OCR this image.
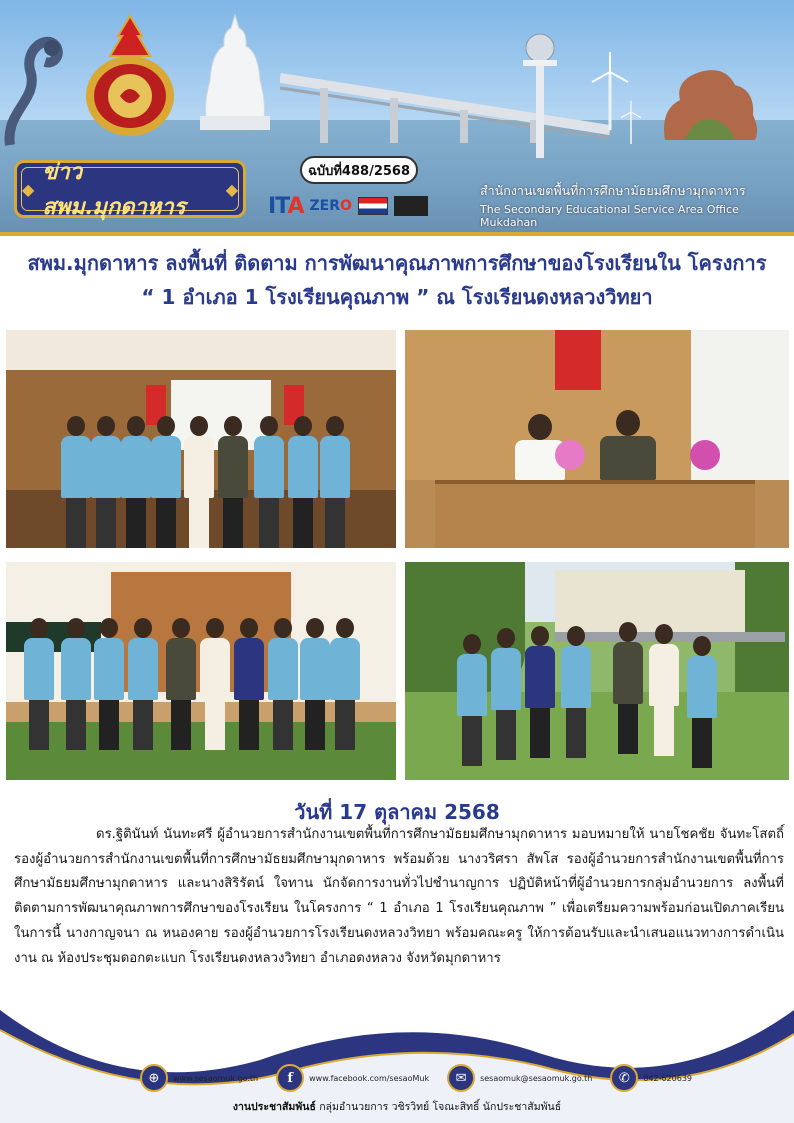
◆
ข่าว สพม.มุกดาหาร
◆
ฉบับที่488/2568
ITA ZERO
สำนักงานเขตพื้นที่การศึกษามัธยมศึกษามุกดาหาร
The Secondary Educational Service Area Office Mukdahan
สพม.มุกดาหาร ลงพื้นที่ ติดตาม การพัฒนาคุณภาพการศึกษาของโรงเรียนใน โครงการ “ 1 อำเภอ 1 โรงเรียนคุณภาพ ” ณ โรงเรียนดงหลวงวิทยา
วันที่ 17 ตุลาคม 2568

ดร.ฐิตินันท์ นันทะศรี ผู้อำนวยการสำนักงานเขตพื้นที่การศึกษามัธยมศึกษามุกดาหาร มอบหมายให้ นายโชคชัย จันทะโสตถิ์ รองผู้อำนวยการสำนักงานเขตพื้นที่การศึกษามัธยมศึกษามุกดาหาร พร้อมด้วย นางวริศรา สัพโส รองผู้อำนวยการสำนักงานเขตพื้นที่การศึกษามัธยมศึกษามุกดาหาร และนางสิริรัตน์ ใจทาน นักจัดการงานทั่วไปชำนาญการ ปฏิบัติหน้าที่ผู้อำนวยการกลุ่มอำนวยการ ลงพื้นที่ติดตามการพัฒนาคุณภาพการศึกษาของโรงเรียน ในโครงการ “ 1 อำเภอ 1 โรงเรียนคุณภาพ ” เพื่อเตรียมความพร้อมก่อนเปิดภาคเรียน ในการนี้ นางกาญจนา ณ หนองคาย รองผู้อำนวยการโรงเรียนดงหลวงวิทยา พร้อมคณะครู ให้การต้อนรับและนำเสนอแนวทางการดำเนินงาน ณ ห้องประชุมดอกตะแบก โรงเรียนดงหลวงวิทยา อำเภอดงหลวง จังหวัดมุกดาหาร

⊕	www.sesaomuk.go.th	f	www.facebook.com/sesaoMuk	✉	sesaomuk@sesaomuk.go.th	✆	042-620639
งานประชาสัมพันธ์ กลุ่มอำนวยการ วชิรวิทย์ โจณะสิทธิ์ นักประชาสัมพันธ์
